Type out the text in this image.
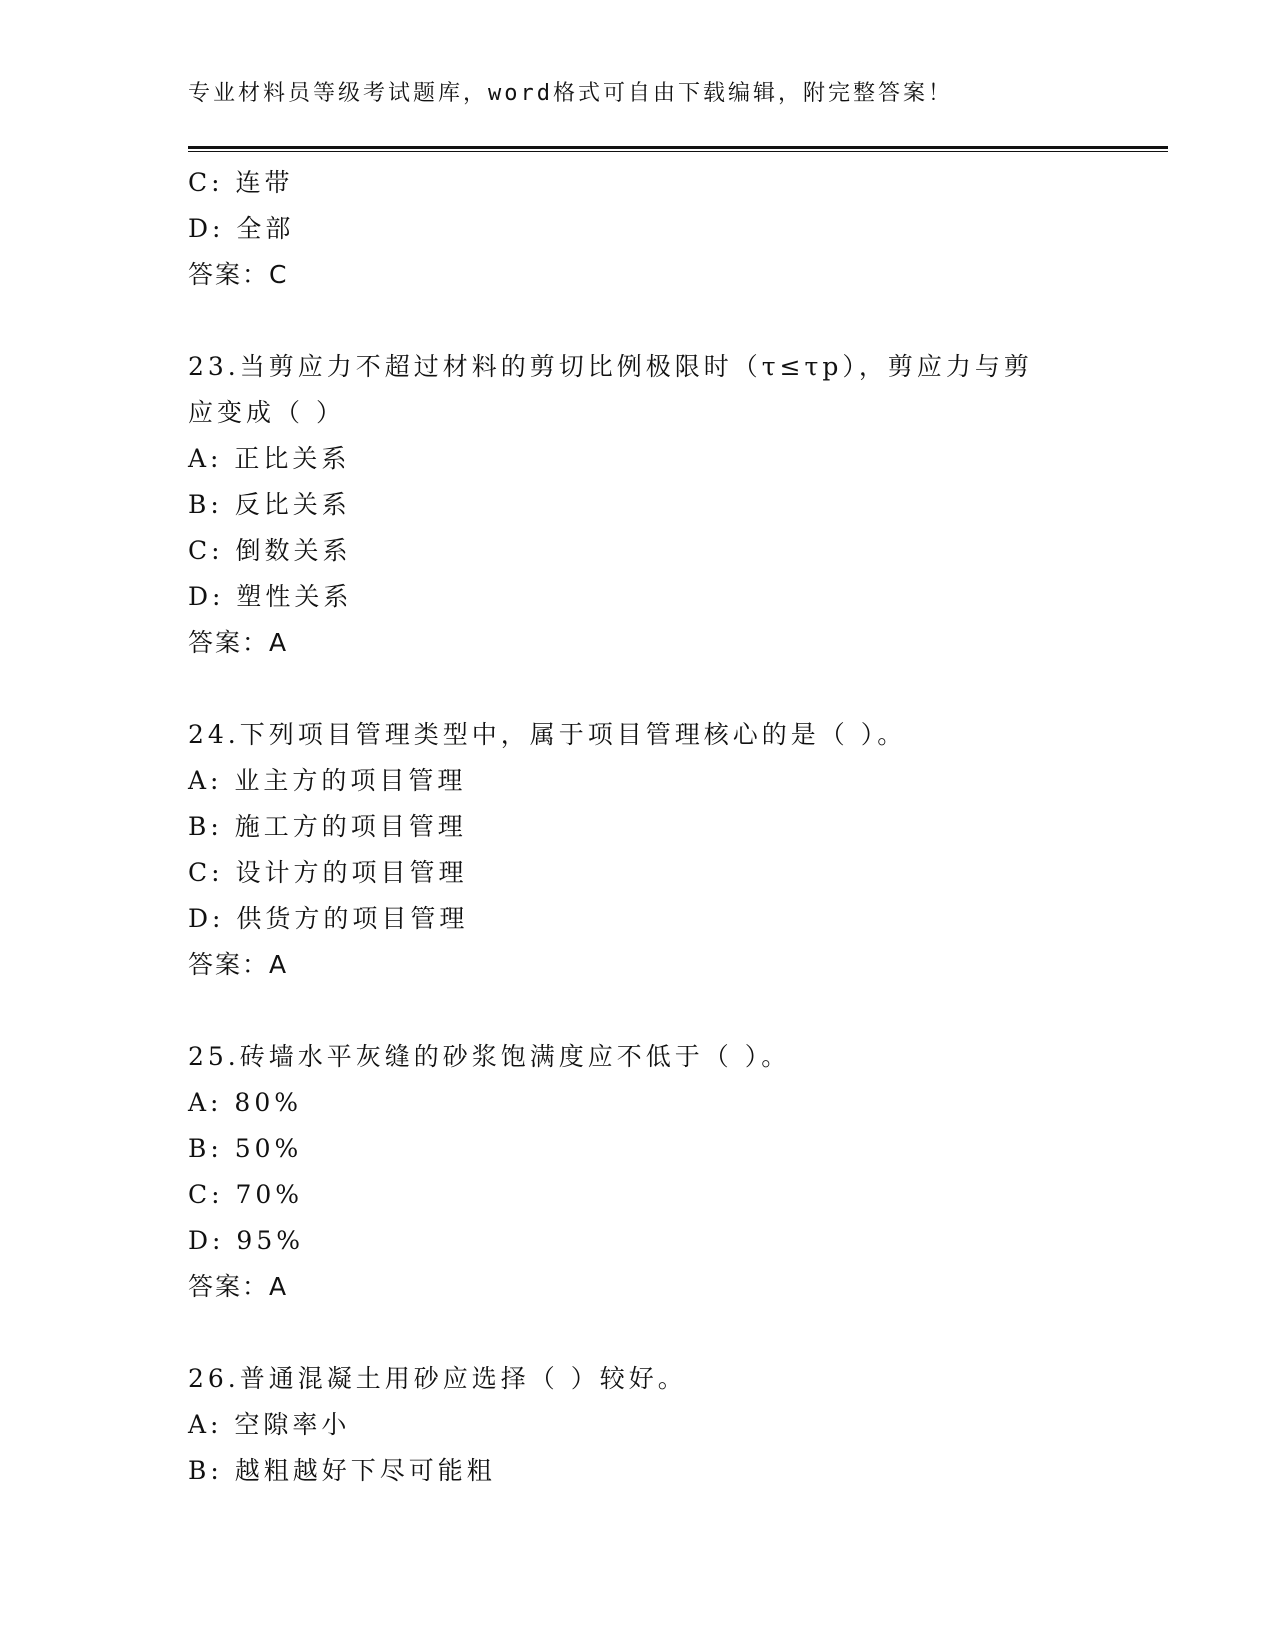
专业材料员等级考试题库，word格式可自由下载编辑，附完整答案！
C: 连带
D: 全部
答案：C
23.当剪应力不超过材料的剪切比例极限时（τ≤τp），剪应力与剪
应变成（ ）
A: 正比关系
B: 反比关系
C: 倒数关系
D: 塑性关系
答案：A
24.下列项目管理类型中，属于项目管理核心的是（ ）。
A: 业主方的项目管理
B: 施工方的项目管理
C: 设计方的项目管理
D: 供货方的项目管理
答案：A
25.砖墙水平灰缝的砂浆饱满度应不低于（ ）。
A: 80%
B: 50%
C: 70%
D: 95%
答案：A
26.普通混凝土用砂应选择（ ）较好。
A: 空隙率小
B: 越粗越好下尽可能粗
